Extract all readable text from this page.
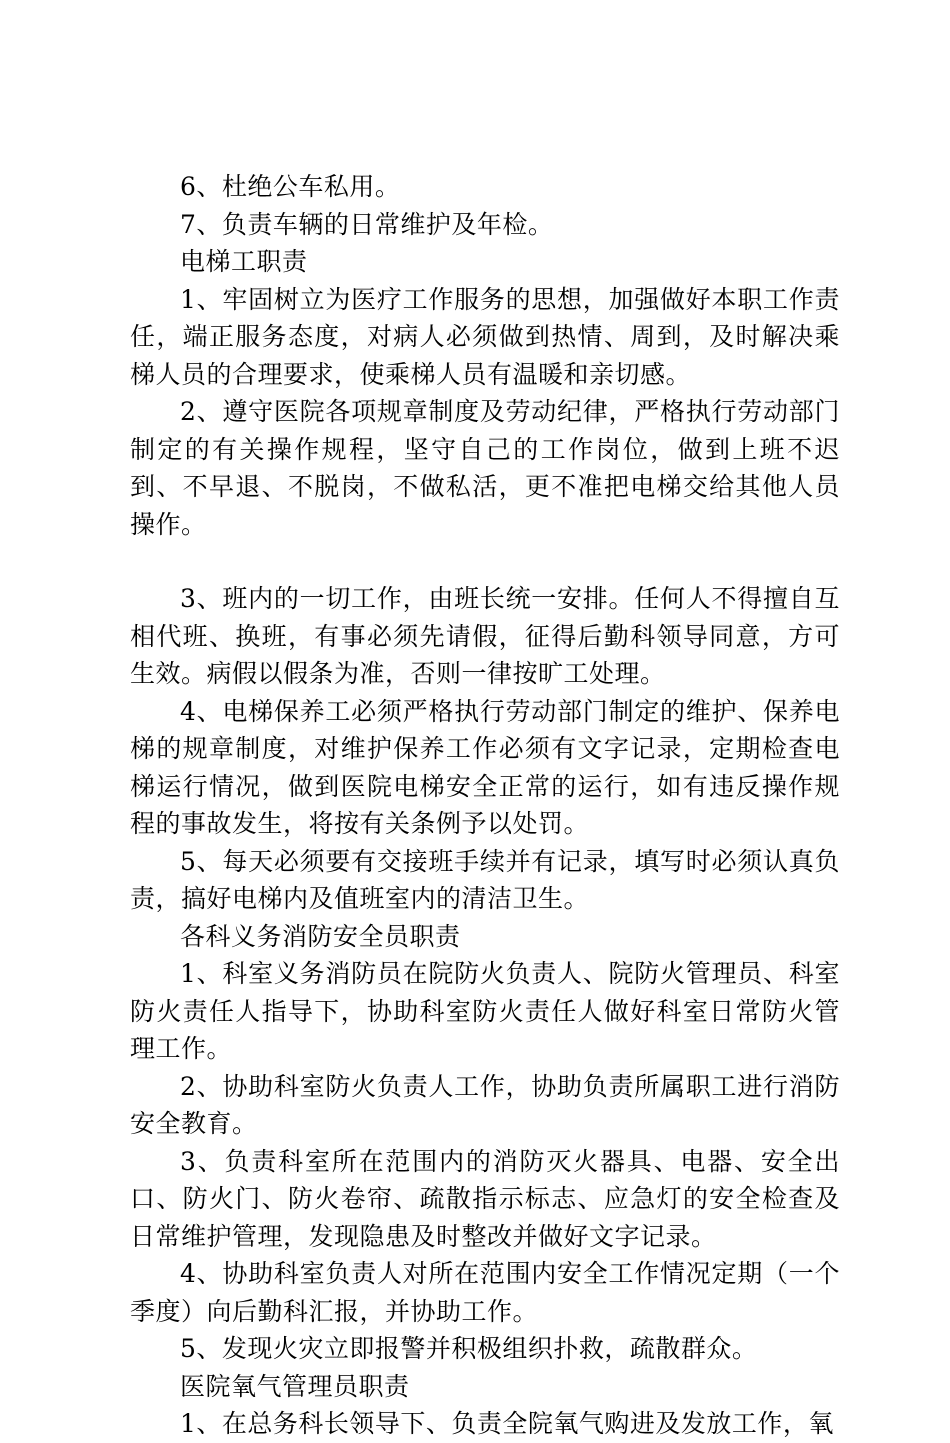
6、杜绝公车私用。

7、负责车辆的日常维护及年检。

电梯工职责

1、牢固树立为医疗工作服务的思想，加强做好本职工作责任，端正服务态度，对病人必须做到热情、周到，及时解决乘梯人员的合理要求，使乘梯人员有温暖和亲切感。

2、遵守医院各项规章制度及劳动纪律，严格执行劳动部门制定的有关操作规程，坚守自己的工作岗位，做到上班不迟到、不早退、不脱岗，不做私活，更不准把电梯交给其他人员操作。

3、班内的一切工作，由班长统一安排。任何人不得擅自互相代班、换班，有事必须先请假，征得后勤科领导同意，方可生效。病假以假条为准，否则一律按旷工处理。

4、电梯保养工必须严格执行劳动部门制定的维护、保养电梯的规章制度，对维护保养工作必须有文字记录，定期检查电梯运行情况，做到医院电梯安全正常的运行，如有违反操作规程的事故发生，将按有关条例予以处罚。

5、每天必须要有交接班手续并有记录，填写时必须认真负责，搞好电梯内及值班室内的清洁卫生。

各科义务消防安全员职责

1、科室义务消防员在院防火负责人、院防火管理员、科室防火责任人指导下，协助科室防火责任人做好科室日常防火管理工作。

2、协助科室防火负责人工作，协助负责所属职工进行消防安全教育。

3、负责科室所在范围内的消防灭火器具、电器、安全出口、防火门、防火卷帘、疏散指示标志、应急灯的安全检查及日常维护管理，发现隐患及时整改并做好文字记录。

4、协助科室负责人对所在范围内安全工作情况定期（一个季度）向后勤科汇报，并协助工作。

5、发现火灾立即报警并积极组织扑救，疏散群众。

医院氧气管理员职责

1、在总务科长领导下、负责全院氧气购进及发放工作，氧
